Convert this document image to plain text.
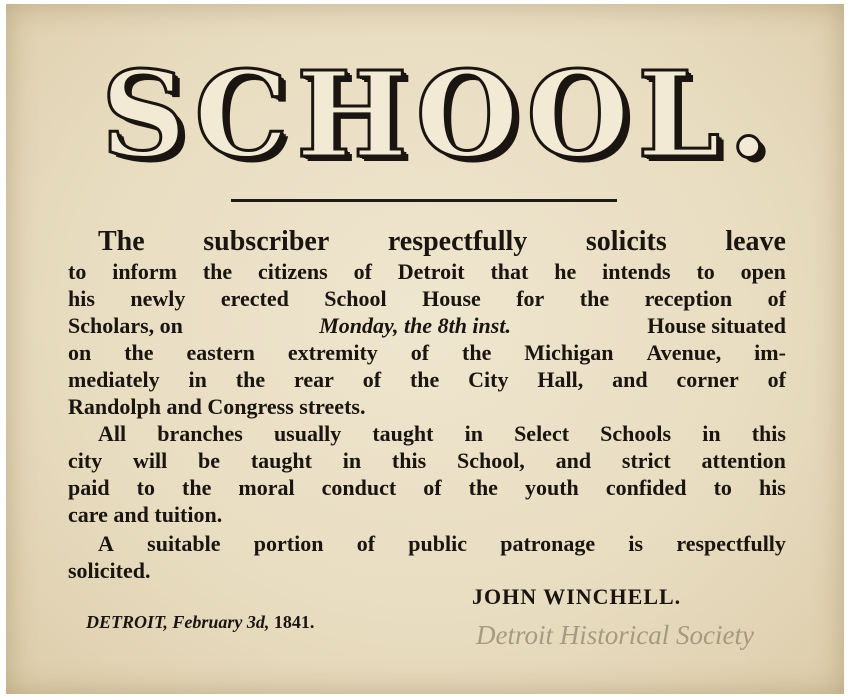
SCHOOL.
The subscriber respectfully solicits leave
to inform the citizens of Detroit that he intends to open
his newly erected School House for the reception of
Scholars, on	Monday, the 8th inst.	House situated
on the eastern extremity of the Michigan Avenue, im-
mediately in the rear of the City Hall, and corner of
Randolph and Congress streets.
All branches usually taught in Select Schools in this
city will be taught in this School, and strict attention
paid to the moral conduct of the youth confided to his
care and tuition.
A suitable portion of public patronage is respectfully
solicited.
JOHN WINCHELL.
DETROIT, February 3d, 1841.	Detroit Historical Society
